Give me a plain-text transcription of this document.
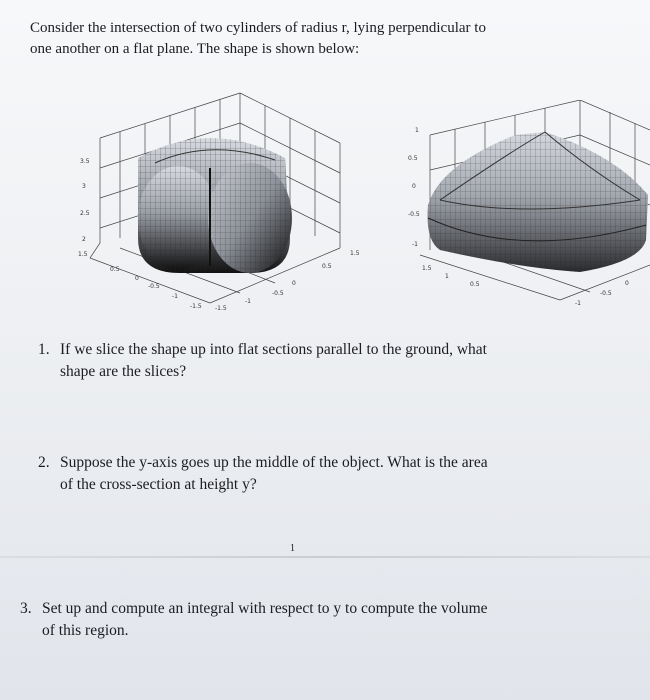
Consider the intersection of two cylinders of radius r, lying perpendicular to
one another on a flat plane. The shape is shown below:
3.5
3
2.5
2
1.5
0.5
0
-0.5
-1
-1.5
1.5
0.5
0
-0.5
-1
-1.5
1
0.5
0
-0.5
-1
1.5
1
0.5	0
-0.5
-1
1. If we slice the shape up into flat sections parallel to the ground, what
shape are the slices?
2. Suppose the y-axis goes up the middle of the object. What is the area
of the cross-section at height y?
1
3. Set up and compute an integral with respect to y to compute the volume
of this region.
